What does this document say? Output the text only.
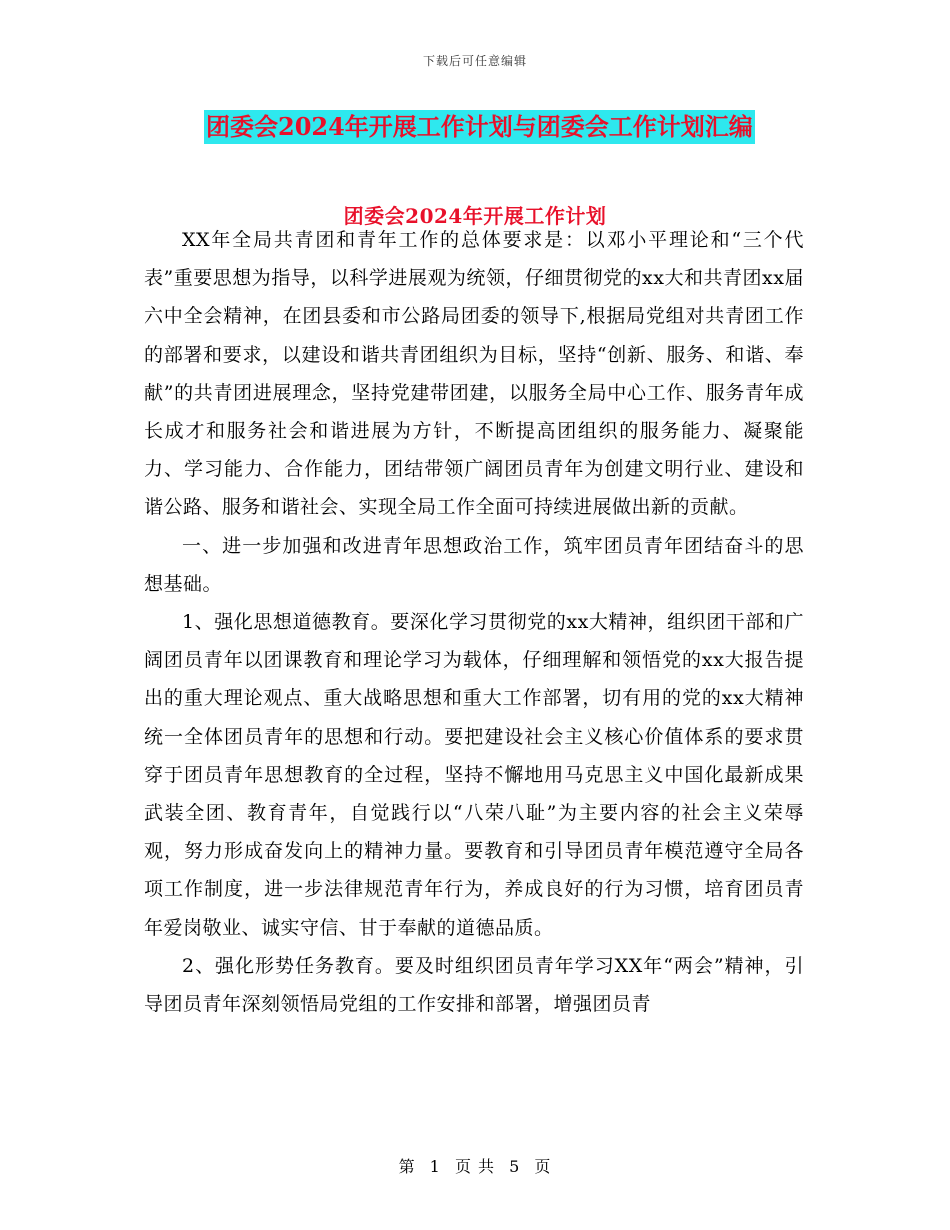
下载后可任意编辑
团委会2024年开展工作计划与团委会工作计划汇编
团委会2024年开展工作计划

XX年全局共青团和青年工作的总体要求是：以邓小平理论和“三个代表”重要思想为指导，以科学进展观为统领，仔细贯彻党的xx大和共青团xx届六中全会精神，在团县委和市公路局团委的领导下,根据局党组对共青团工作的部署和要求，以建设和谐共青团组织为目标，坚持“创新、服务、和谐、奉献”的共青团进展理念，坚持党建带团建，以服务全局中心工作、服务青年成长成才和服务社会和谐进展为方针，不断提高团组织的服务能力、凝聚能力、学习能力、合作能力，团结带领广阔团员青年为创建文明行业、建设和谐公路、服务和谐社会、实现全局工作全面可持续进展做出新的贡献。

一、进一步加强和改进青年思想政治工作，筑牢团员青年团结奋斗的思想基础。

1、强化思想道德教育。要深化学习贯彻党的xx大精神，组织团干部和广阔团员青年以团课教育和理论学习为载体，仔细理解和领悟党的xx大报告提出的重大理论观点、重大战略思想和重大工作部署，切有用的党的xx大精神统一全体团员青年的思想和行动。要把建设社会主义核心价值体系的要求贯穿于团员青年思想教育的全过程，坚持不懈地用马克思主义中国化最新成果武装全团、教育青年，自觉践行以“八荣八耻”为主要内容的社会主义荣辱观，努力形成奋发向上的精神力量。要教育和引导团员青年模范遵守全局各项工作制度，进一步法律规范青年行为，养成良好的行为习惯，培育团员青年爱岗敬业、诚实守信、甘于奉献的道德品质。

2、强化形势任务教育。要及时组织团员青年学习XX年“两会”精神，引导团员青年深刻领悟局党组的工作安排和部署，增强团员青

第 1 页 共 5 页
